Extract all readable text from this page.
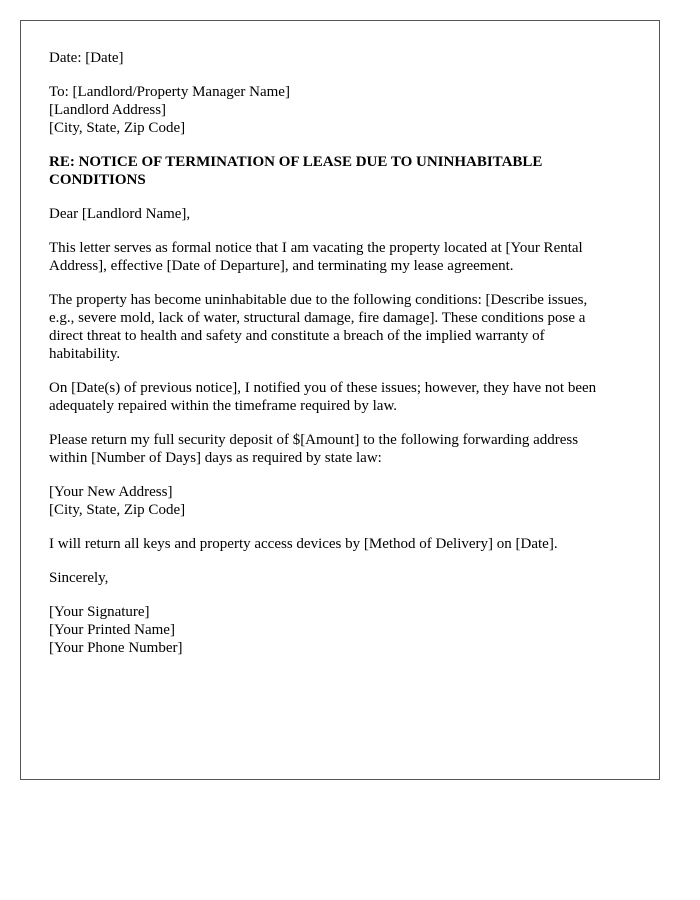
Date: [Date]
To: [Landlord/Property Manager Name]
[Landlord Address]
[City, State, Zip Code]
RE: NOTICE OF TERMINATION OF LEASE DUE TO UNINHABITABLE
CONDITIONS
Dear [Landlord Name],

This letter serves as formal notice that I am vacating the property located at [Your Rental
Address], effective [Date of Departure], and terminating my lease agreement.

The property has become uninhabitable due to the following conditions: [Describe issues,
e.g., severe mold, lack of water, structural damage, fire damage]. These conditions pose a
direct threat to health and safety and constitute a breach of the implied warranty of
habitability.

On [Date(s) of previous notice], I notified you of these issues; however, they have not been
adequately repaired within the timeframe required by law.

Please return my full security deposit of $[Amount] to the following forwarding address
within [Number of Days] days as required by state law:

[Your New Address]
[City, State, Zip Code]
I will return all keys and property access devices by [Method of Delivery] on [Date].
Sincerely,
[Your Signature]
[Your Printed Name]
[Your Phone Number]
